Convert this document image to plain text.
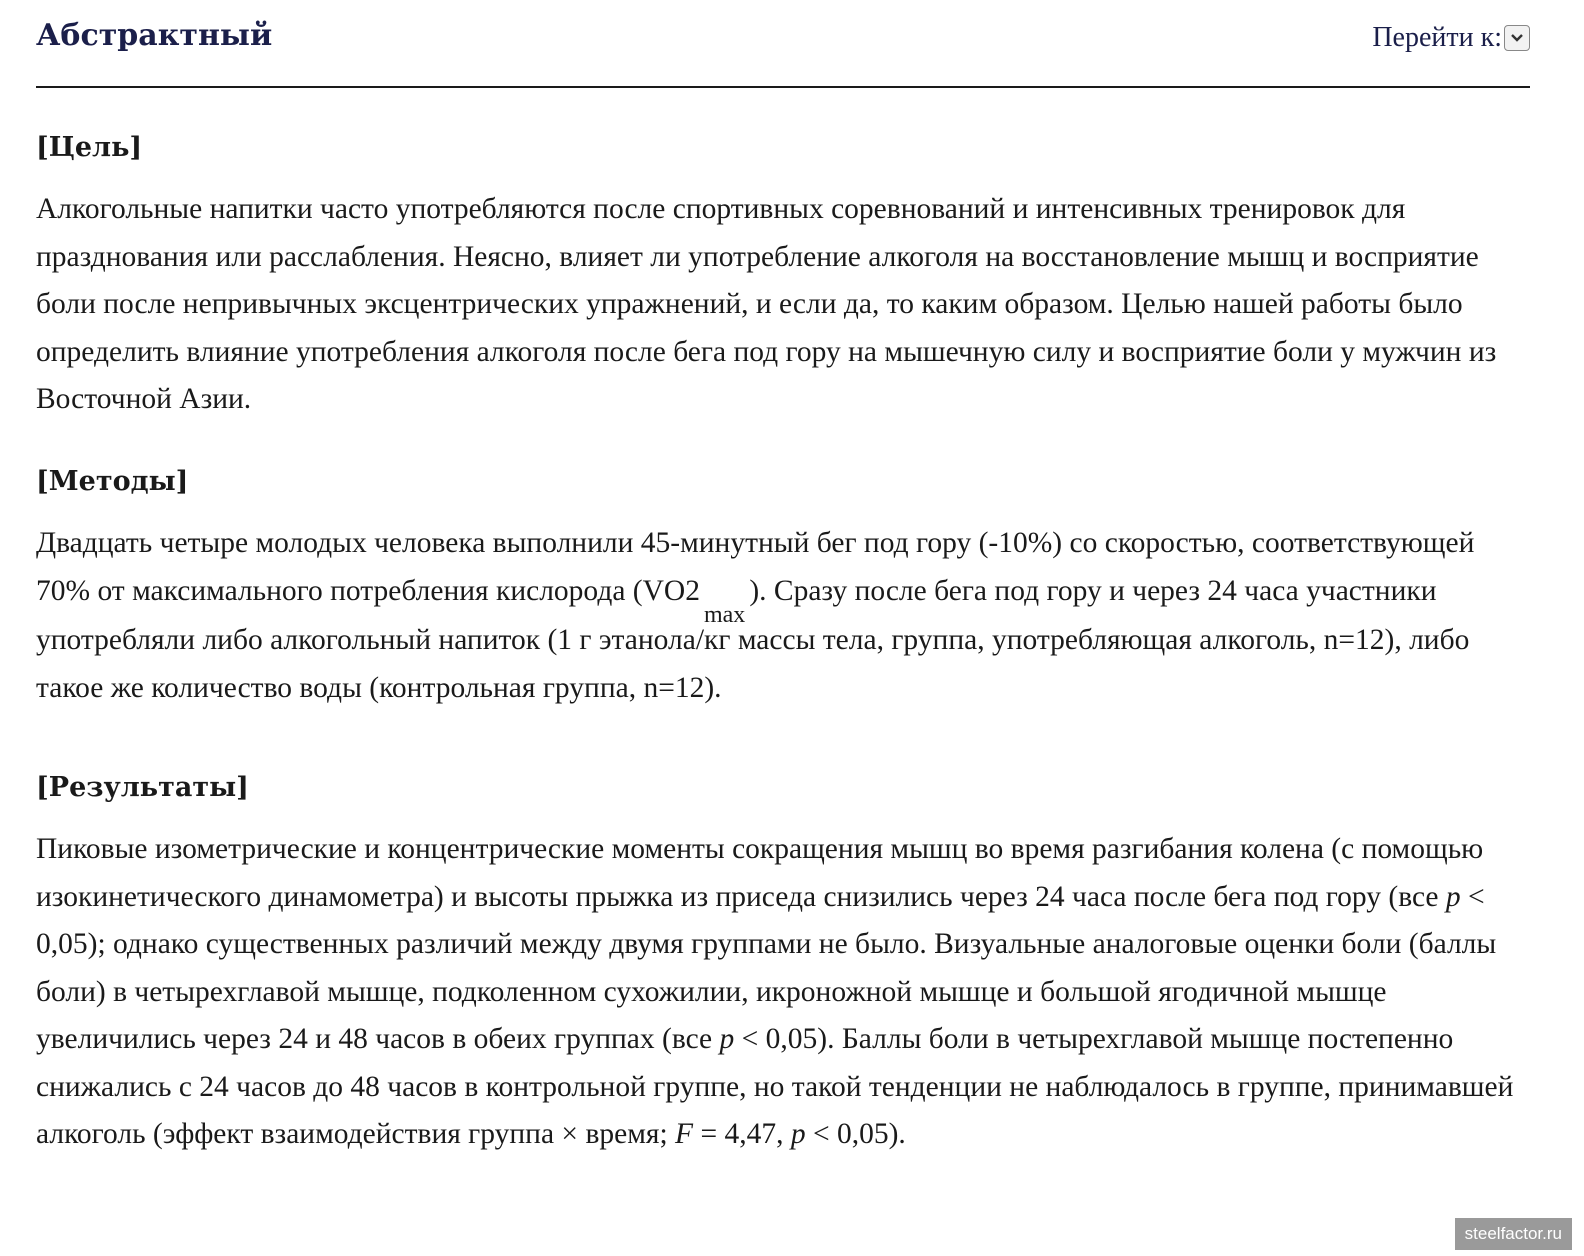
Абстрактный	Перейти к:
[Цель]

Алкогольные напитки часто употребляются после спортивных соревнований и интенсивных тренировок для празднования или расслабления. Неясно, влияет ли употребление алкоголя на восстановление мышц и восприятие боли после непривычных эксцентрических упражнений, и если да, то каким образом. Целью нашей работы было определить влияние употребления алкоголя после бега под гору на мышечную силу и восприятие боли у мужчин из Восточной Азии.

[Методы]

Двадцать четыре молодых человека выполнили 45-минутный бег под гору (-10%) со скоростью, соответствующей 70% от максимального потребления кислорода (VO2max). Сразу после бега под гору и через 24 часа участники употребляли либо алкогольный напиток (1 г этанола/кг массы тела, группа, употребляющая алкоголь, n=12), либо такое же количество воды (контрольная группа, n=12).

[Результаты]

Пиковые изометрические и концентрические моменты сокращения мышц во время разгибания колена (с помощью изокинетического динамометра) и высоты прыжка из приседа снизились через 24 часа после бега под гору (все p < 0,05); однако существенных различий между двумя группами не было. Визуальные аналоговые оценки боли (баллы боли) в четырехглавой мышце, подколенном сухожилии, икроножной мышце и большой ягодичной мышце увеличились через 24 и 48 часов в обеих группах (все p < 0,05). Баллы боли в четырехглавой мышце постепенно снижались с 24 часов до 48 часов в контрольной группе, но такой тенденции не наблюдалось в группе, принимавшей алкоголь (эффект взаимодействия группа × время; F = 4,47, p < 0,05).

steelfactor.ru
